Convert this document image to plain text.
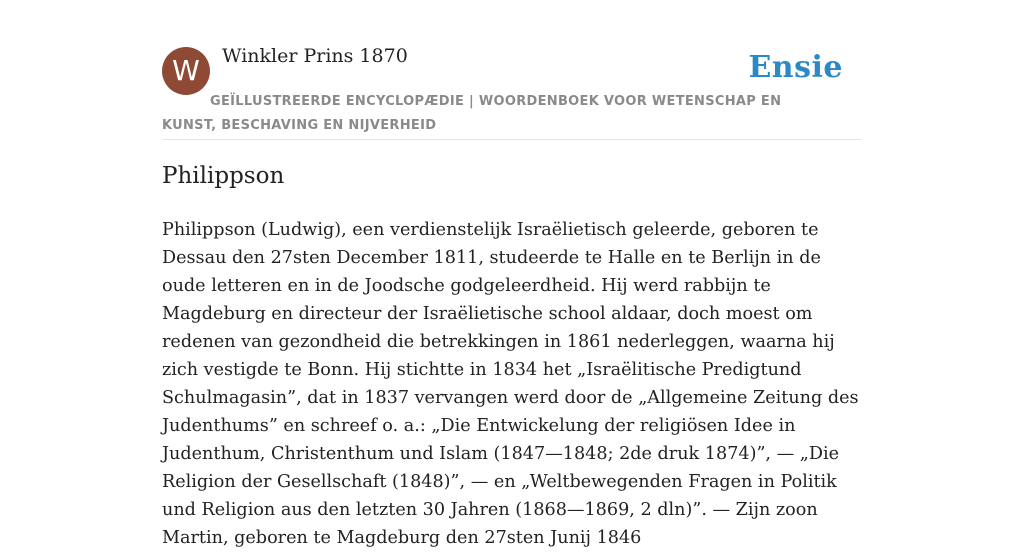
W	Winkler Prins 1870	Ensie
GEÏLLUSTREERDE ENCYCLOPÆDIE | WOORDENBOEK VOOR WETENSCHAP EN KUNST, BESCHAVING EN NIJVERHEID
Philippson

Philippson (Ludwig), een verdienstelijk Israëlietisch geleerde, geboren te Dessau den 27sten December 1811, studeerde te Halle en te Berlijn in de oude letteren en in de Joodsche godgeleerdheid. Hij werd rabbijn te Magdeburg en directeur der Israëlietische school aldaar, doch moest om redenen van gezondheid die betrekkingen in 1861 nederleggen, waarna hij zich vestigde te Bonn. Hij stichtte in 1834 het „Israëlitische Predigtund Schulmagasin”, dat in 1837 vervangen werd door de „Allgemeine Zeitung des Judenthums” en schreef o. a.: „Die Entwickelung der religiösen Idee in Judenthum, Christenthum und Islam (1847—1848; 2de druk 1874)”, — „Die Religion der Gesellschaft (1848)”, — en „Weltbewegenden Fragen in Politik und Religion aus den letzten 30 Jahren (1868—1869, 2 dln)”. — Zijn zoon Martin, geboren te Magdeburg den 27sten Junij 1846
